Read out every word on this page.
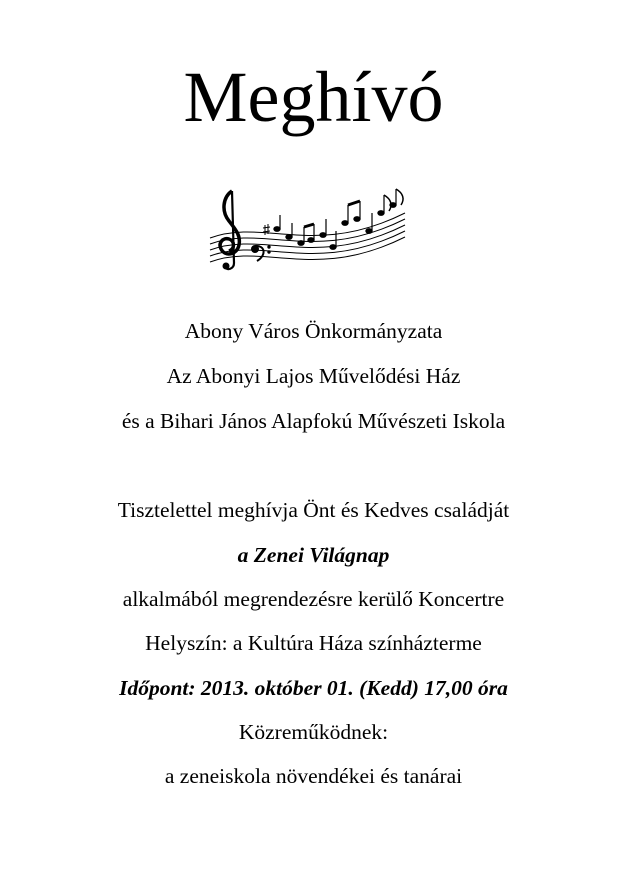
Meghívó
Abony Város Önkormányzata
Az Abonyi Lajos Művelődési Ház
és a Bihari János Alapfokú Művészeti Iskola
Tisztelettel meghívja Önt és Kedves családját
a Zenei Világnap
alkalmából megrendezésre kerülő Koncertre
Helyszín: a Kultúra Háza színházterme
Időpont: 2013. október 01. (Kedd) 17,00 óra
Közreműködnek:
a zeneiskola növendékei és tanárai
